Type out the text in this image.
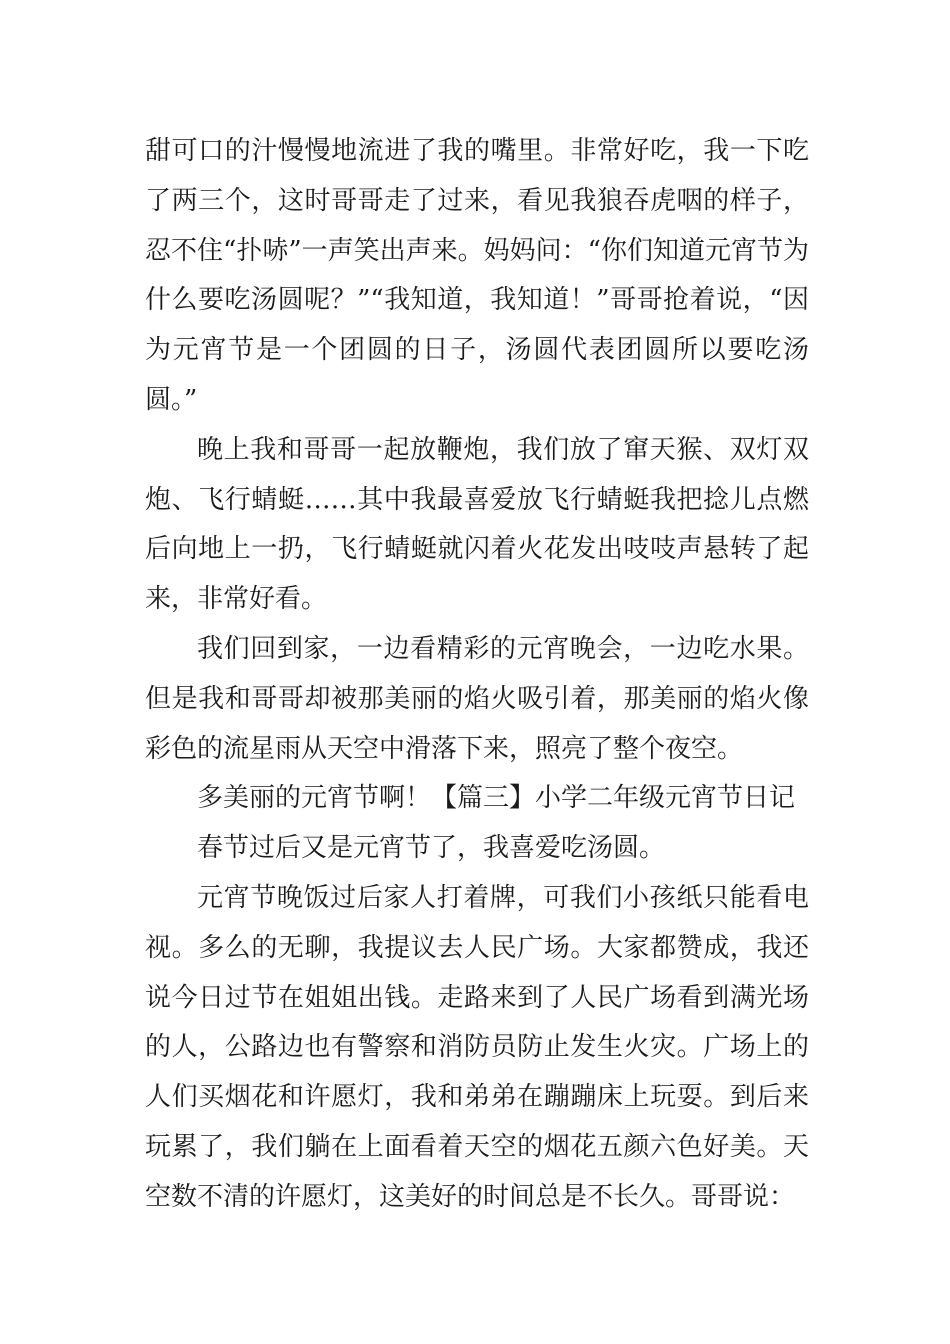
甜可口的汁慢慢地流进了我的嘴里。非常好吃，我一下吃了两三个，这时哥哥走了过来，看见我狼吞虎咽的样子，忍不住“扑哧”一声笑出声来。妈妈问：“你们知道元宵节为什么要吃汤圆呢？”“我知道，我知道！”哥哥抢着说，“因为元宵节是一个团圆的日子，汤圆代表团圆所以要吃汤圆。”

晚上我和哥哥一起放鞭炮，我们放了窜天猴、双灯双炮、飞行蜻蜓……其中我最喜爱放飞行蜻蜓我把捻儿点燃后向地上一扔，飞行蜻蜓就闪着火花发出吱吱声悬转了起来，非常好看。

我们回到家，一边看精彩的元宵晚会，一边吃水果。但是我和哥哥却被那美丽的焰火吸引着，那美丽的焰火像彩色的流星雨从天空中滑落下来，照亮了整个夜空。

多美丽的元宵节啊！【篇三】小学二年级元宵节日记

春节过后又是元宵节了，我喜爱吃汤圆。

元宵节晚饭过后家人打着牌，可我们小孩纸只能看电视。多么的无聊，我提议去人民广场。大家都赞成，我还说今日过节在姐姐出钱。走路来到了人民广场看到满光场的人，公路边也有警察和消防员防止发生火灾。广场上的人们买烟花和许愿灯，我和弟弟在蹦蹦床上玩耍。到后来玩累了，我们躺在上面看着天空的烟花五颜六色好美。天空数不清的许愿灯，这美好的时间总是不长久。哥哥说：
